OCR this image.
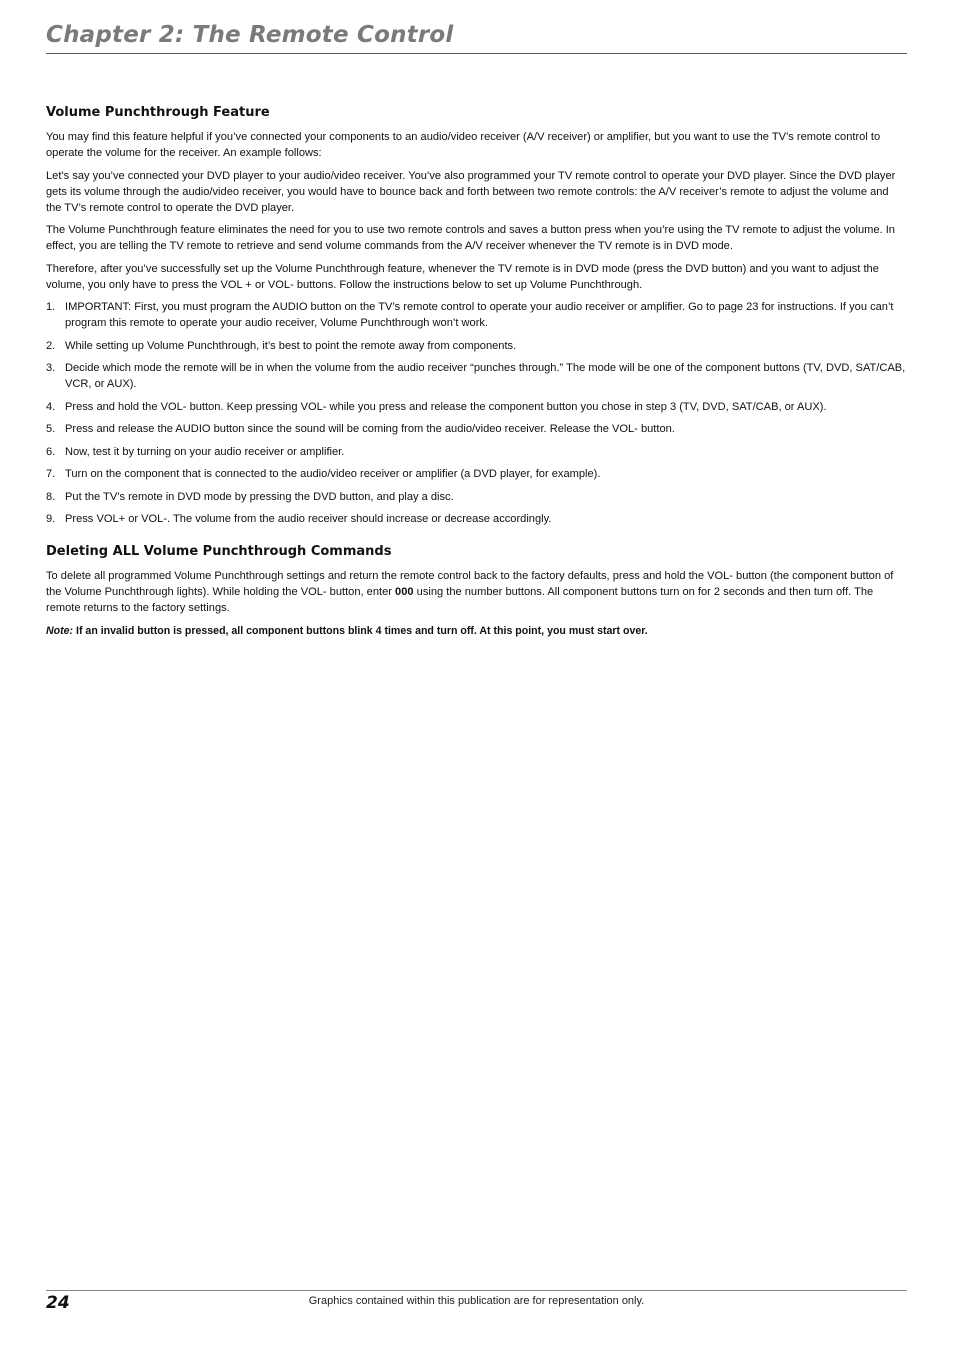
Chapter 2: The Remote Control
Volume Punchthrough Feature

You may find this feature helpful if you’ve connected your components to an audio/video receiver (A/V receiver) or amplifier, but you want to use the TV’s remote control to operate the volume for the receiver. An example follows:

Let’s say you’ve connected your DVD player to your audio/video receiver. You’ve also programmed your TV remote control to operate your DVD player. Since the DVD player gets its volume through the audio/video receiver, you would have to bounce back and forth between two remote controls: the A/V receiver’s remote to adjust the volume and the TV’s remote control to operate the DVD player.

The Volume Punchthrough feature eliminates the need for you to use two remote controls and saves a button press when you’re using the TV remote to adjust the volume. In effect, you are telling the TV remote to retrieve and send volume commands from the A/V receiver whenever the TV remote is in DVD mode.

Therefore, after you’ve successfully set up the Volume Punchthrough feature, whenever the TV remote is in DVD mode (press the DVD button) and you want to adjust the volume, you only have to press the VOL + or VOL- buttons. Follow the instructions below to set up Volume Punchthrough.

1. IMPORTANT: First, you must program the AUDIO button on the TV’s remote control to operate your audio receiver or amplifier. Go to page 23 for instructions. If you can’t program this remote to operate your audio receiver, Volume Punchthrough won’t work.
2. While setting up Volume Punchthrough, it’s best to point the remote away from components.
3. Decide which mode the remote will be in when the volume from the audio receiver “punches through.” The mode will be one of the component buttons (TV, DVD, SAT/CAB, VCR, or AUX).
4. Press and hold the VOL- button. Keep pressing VOL- while you press and release the component button you chose in step 3 (TV, DVD, SAT/CAB, or AUX).
5. Press and release the AUDIO button since the sound will be coming from the audio/video receiver. Release the VOL- button.
6. Now, test it by turning on your audio receiver or amplifier.
7. Turn on the component that is connected to the audio/video receiver or amplifier (a DVD player, for example).
8. Put the TV’s remote in DVD mode by pressing the DVD button, and play a disc.
9. Press VOL+ or VOL-. The volume from the audio receiver should increase or decrease accordingly.
Deleting ALL Volume Punchthrough Commands

To delete all programmed Volume Punchthrough settings and return the remote control back to the factory defaults, press and hold the VOL- button (the component button of the Volume Punchthrough lights). While holding the VOL- button, enter 000 using the number buttons. All component buttons turn on for 2 seconds and then turn off. The remote returns to the factory settings.

Note: If an invalid button is pressed, all component buttons blink 4 times and turn off. At this point, you must start over.

24	Graphics contained within this publication are for representation only.
